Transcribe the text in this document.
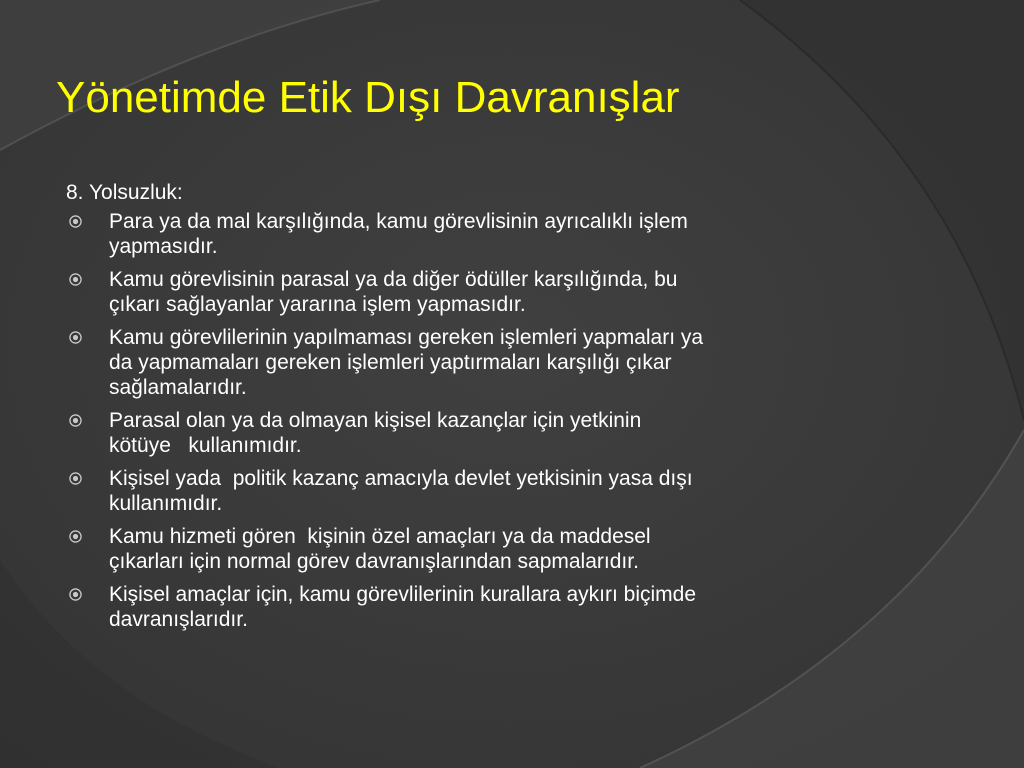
Yönetimde Etik Dışı Davranışlar
8. Yolsuzluk:
Para ya da mal karşılığında, kamu görevlisinin ayrıcalıklı işlem
yapmasıdır.
Kamu görevlisinin parasal ya da diğer ödüller karşılığında, bu
çıkarı sağlayanlar yararına işlem yapmasıdır.
Kamu görevlilerinin yapılmaması gereken işlemleri yapmaları ya
da yapmamaları gereken işlemleri yaptırmaları karşılığı çıkar
sağlamalarıdır.
Parasal olan ya da olmayan kişisel kazançlar için yetkinin
kötüye   kullanımıdır.
Kişisel yada  politik kazanç amacıyla devlet yetkisinin yasa dışı
kullanımıdır.
Kamu hizmeti gören  kişinin özel amaçları ya da maddesel
çıkarları için normal görev davranışlarından sapmalarıdır.
Kişisel amaçlar için, kamu görevlilerinin kurallara aykırı biçimde
davranışlarıdır.
